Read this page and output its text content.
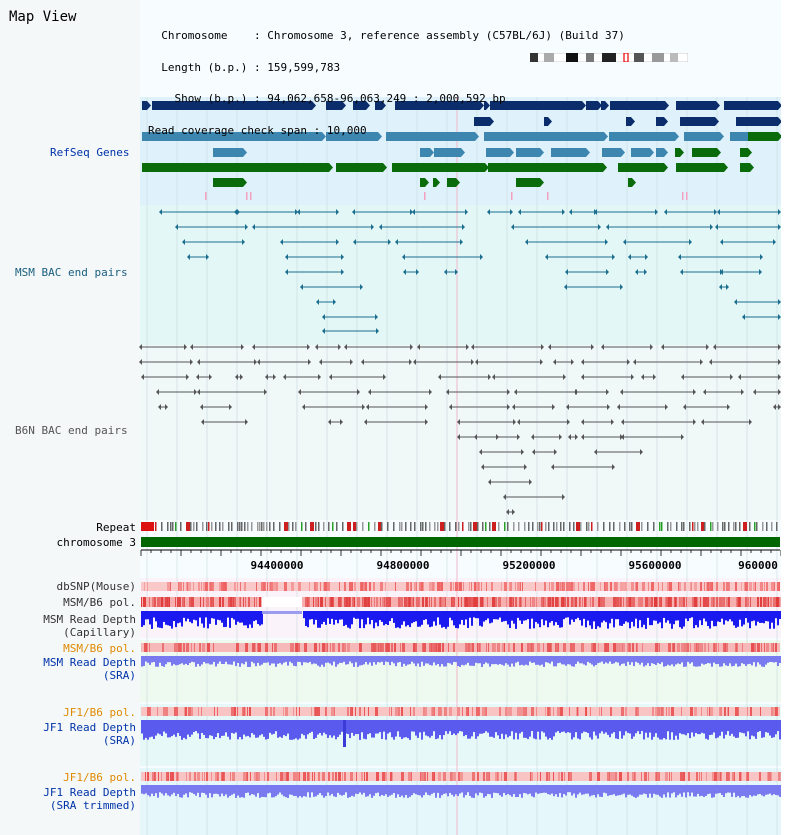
94400000	94800000	95200000	95600000	960000
Map View

Chromosome    : Chromosome 3, reference assembly (C57BL/6J) (Build 37)

Length (b.p.) : 159,599,783

Show (b.p.) : 94,062,658-96,063,249 : 2,000,592 bp

Read coverage check span : 10,000

RefSeq Genes
MSM BAC end pairs
B6N BAC end pairs
Repeat
chromosome 3
dbSNP(Mouse)
MSM/B6 pol.
MSM Read Depth
(Capillary)
MSM/B6 pol.
MSM Read Depth
(SRA)
JF1/B6 pol.
JF1 Read Depth
(SRA)
JF1/B6 pol.
JF1 Read Depth
(SRA trimmed)
